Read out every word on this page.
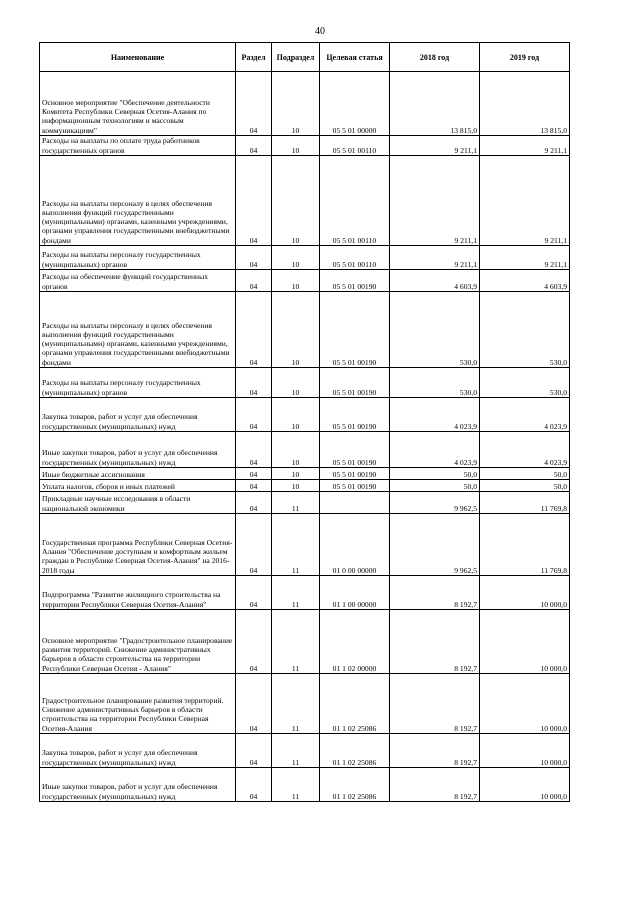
40
Наименование	Раздел	Подраздел	Целевая статья	2018 год	2019 год
Основное мероприятие "Обеспечение деятельности Комитета Республики Северная Осетия-Алания по информационным технологиям и массовым коммуникациям"	04	10	05 5 01 00000	13 815,0	13 815,0
Расходы на выплаты по оплате труда работников государственных органов	04	10	05 5 01 00110	9 211,1	9 211,1
Расходы на выплаты персоналу в целях обеспечения выполнения функций государственными (муниципальными) органами, казенными учреждениями, органами управления государственными внебюджетными фондами	04	10	05 5 01 00110	9 211,1	9 211,1
Расходы на выплаты персоналу государственных (муниципальных) органов	04	10	05 5 01 00110	9 211,1	9 211,1
Расходы на обеспечение функций государственных органов	04	10	05 5 01 00190	4 603,9	4 603,9
Расходы на выплаты персоналу в целях обеспечения выполнения функций государственными (муниципальными) органами, казенными учреждениями, органами управления государственными внебюджетными фондами	04	10	05 5 01 00190	530,0	530,0
Расходы на выплаты персоналу государственных (муниципальных) органов	04	10	05 5 01 00190	530,0	530,0
Закупка товаров, работ и услуг для обеспечения государственных (муниципальных) нужд	04	10	05 5 01 00190	4 023,9	4 023,9
Иные закупки товаров, работ и услуг для обеспечения государственных (муниципальных) нужд	04	10	05 5 01 00190	4 023,9	4 023,9
Иные бюджетные ассигнования	04	10	05 5 01 00190	50,0	50,0
Уплата налогов, сборов и иных платежей	04	10	05 5 01 00190	50,0	50,0
Прикладные научные исследования в области национальной экономики	04	11		9 962,5	11 769,8
Государственная программа Республики Северная Осетия-Алания "Обеспечение доступным и комфортным жильем граждан в Республике Северная Осетия-Алания" на 2016-2018 годы	04	11	01 0 00 00000	9 962,5	11 769,8
Подпрограмма "Развитие жилищного строительства на территории Республики Северная Осетия-Алания"	04	11	01 1 00 00000	8 192,7	10 000,0
Основное мероприятие "Градостроительное планирование развития территорий. Снижение административных барьеров в области строительства на территории Республики Северная Осетия - Алания"	04	11	01 1 02 00000	8 192,7	10 000,0
Градостроительное планирование развития территорий. Снижение административных барьеров в области строительства на территории Республики Северная Осетия-Алания	04	11	01 1 02 25086	8 192,7	10 000,0
Закупка товаров, работ и услуг для обеспечения государственных (муниципальных) нужд	04	11	01 1 02 25086	8 192,7	10 000,0
Иные закупки товаров, работ и услуг для обеспечения государственных (муниципальных) нужд	04	11	01 1 02 25086	8 192,7	10 000,0
